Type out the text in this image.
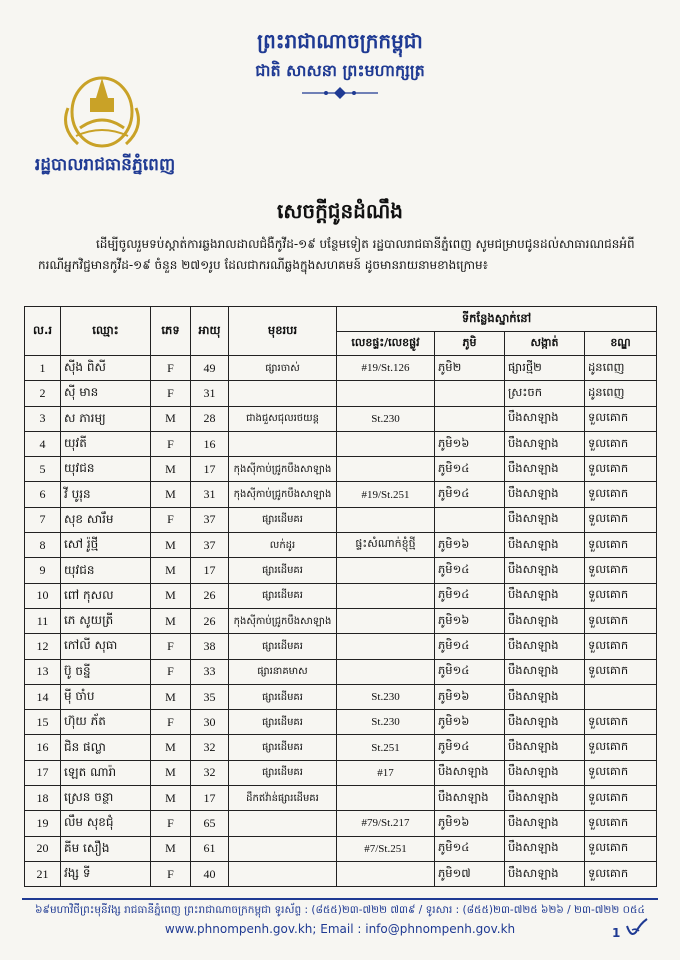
ព្រះរាជាណាចក្រកម្ពុជា
ជាតិ សាសនា ព្រះមហាក្សត្រ
រដ្ឋបាលរាជធានីភ្នំពេញ
សេចក្តីជូនដំណឹង
ដើម្បីចូលរួមទប់ស្កាត់ការឆ្លងរាលដាលជំងឺកូវីដ-១៩ បន្ថែមទៀត រដ្ឋបាលរាជធានីភ្នំពេញ សូមជម្រាបជូនដល់សាធារណជនអំពីករណីអ្នកវិជ្ជមានកូវីដ-១៩ ចំនួន ២៧១រូប ដែលជាករណីឆ្លងក្នុងសហគមន៍ ដូចមានរាយនាមខាងក្រោម៖
ល.រ	ឈ្មោះ	ភេទ	អាយុ	មុខរបរ	ទីកន្លែងស្នាក់នៅ			
					លេខផ្ទះ/លេខផ្លូវ	ភូមិ	សង្កាត់	ខណ្ឌ
1	ស៊ីង ពិសី	F	49	ផ្សារចាស់	#19/St.126	ភូមិ២	ផ្សារថ្មី២	ដូនពេញ
2	ស៊ី មាន	F	31				ស្រះចក	ដូនពេញ
3	ស ភារម្យ	M	28	ជាងជួសជុលរថយន្ត	St.230		បឹងសាឡាង	ទួលគោក
4	យុវតី	F	16			ភូមិ១៦	បឹងសាឡាង	ទួលគោក
5	យុវជន	M	17	កុងស៊ីកាប់ជ្រូកបឹងសាឡាង		ភូមិ១៤	បឹងសាឡាង	ទួលគោក
6	វី បូរុន	M	31	កុងស៊ីកាប់ជ្រូកបឹងសាឡាង	#19/St.251	ភូមិ១៤	បឹងសាឡាង	ទួលគោក
7	សុខ សារឹម	F	37	ផ្សារដើមគរ			បឹងសាឡាង	ទួលគោក
8	សៅ រ៉ូថ្មី	M	37	លក់ដូរ	ផ្ទះសំណាក់ខ្ញុំថ្មី	ភូមិ១៦	បឹងសាឡាង	ទួលគោក
9	យុវជន	M	17	ផ្សារដើមគរ		ភូមិ១៤	បឹងសាឡាង	ទួលគោក
10	ពៅ កុសល	M	26	ផ្សារដើមគរ		ភូមិ១៤	បឹងសាឡាង	ទួលគោក
11	ភេ សូយត្រី	M	26	កុងស៊ីកាប់ជ្រូកបឹងសាឡាង		ភូមិ១៦	បឹងសាឡាង	ទួលគោក
12	កៅលី សុធា	F	38	ផ្សារដើមគរ		ភូមិ១៤	បឹងសាឡាង	ទួលគោក
13	ប៊ូ ចន្នី	F	33	ផ្សារនាគមាស		ភូមិ១៤	បឹងសាឡាង	ទួលគោក
14	ម៉ី ចាំប	M	35	ផ្សារដើមគរ	St.230	ភូមិ១៦	បឹងសាឡាង	
15	ហ៊ុយ ភ័ត	F	30	ផ្សារដើមគរ	St.230	ភូមិ១៦	បឹងសាឡាង	ទួលគោក
16	ជិន ផល្លា	M	32	ផ្សារដើមគរ	St.251	ភូមិ១៤	បឹងសាឡាង	ទួលគោក
17	ឡេត ណារ៉ា	M	32	ផ្សារដើមគរ	#17	បឹងសាឡាង	បឹងសាឡាង	ទួលគោក
18	ស្រេន ចន្ថា	M	17	ដឹកឥវ៉ាន់ផ្សារដើមគរ		បឹងសាឡាង	បឹងសាឡាង	ទួលគោក
19	លឹម សុខជុំ	F	65		#79/St.217	ភូមិ១៦	បឹងសាឡាង	ទួលគោក
20	គីម សឿង	M	61		#7/St.251	ភូមិ១៤	បឹងសាឡាង	ទួលគោក
21	វង្ស ទី	F	40			ភូមិ១៧	បឹងសាឡាង	ទួលគោក
៦៩មហាវិថីព្រះមុនីវង្ស រាជធានីភ្នំពេញ ព្រះរាជាណាចក្រកម្ពុជា ទូរស័ព្ទ : (៨៥៥)២៣-៧២២ ៧៣៩ / ទូរសារ : (៨៥៥)២៣-៧២៥ ៦២៦ / ២៣-៧២២ ០៥៤
www.phnompenh.gov.kh; Email : info@phnompenh.gov.kh	1
